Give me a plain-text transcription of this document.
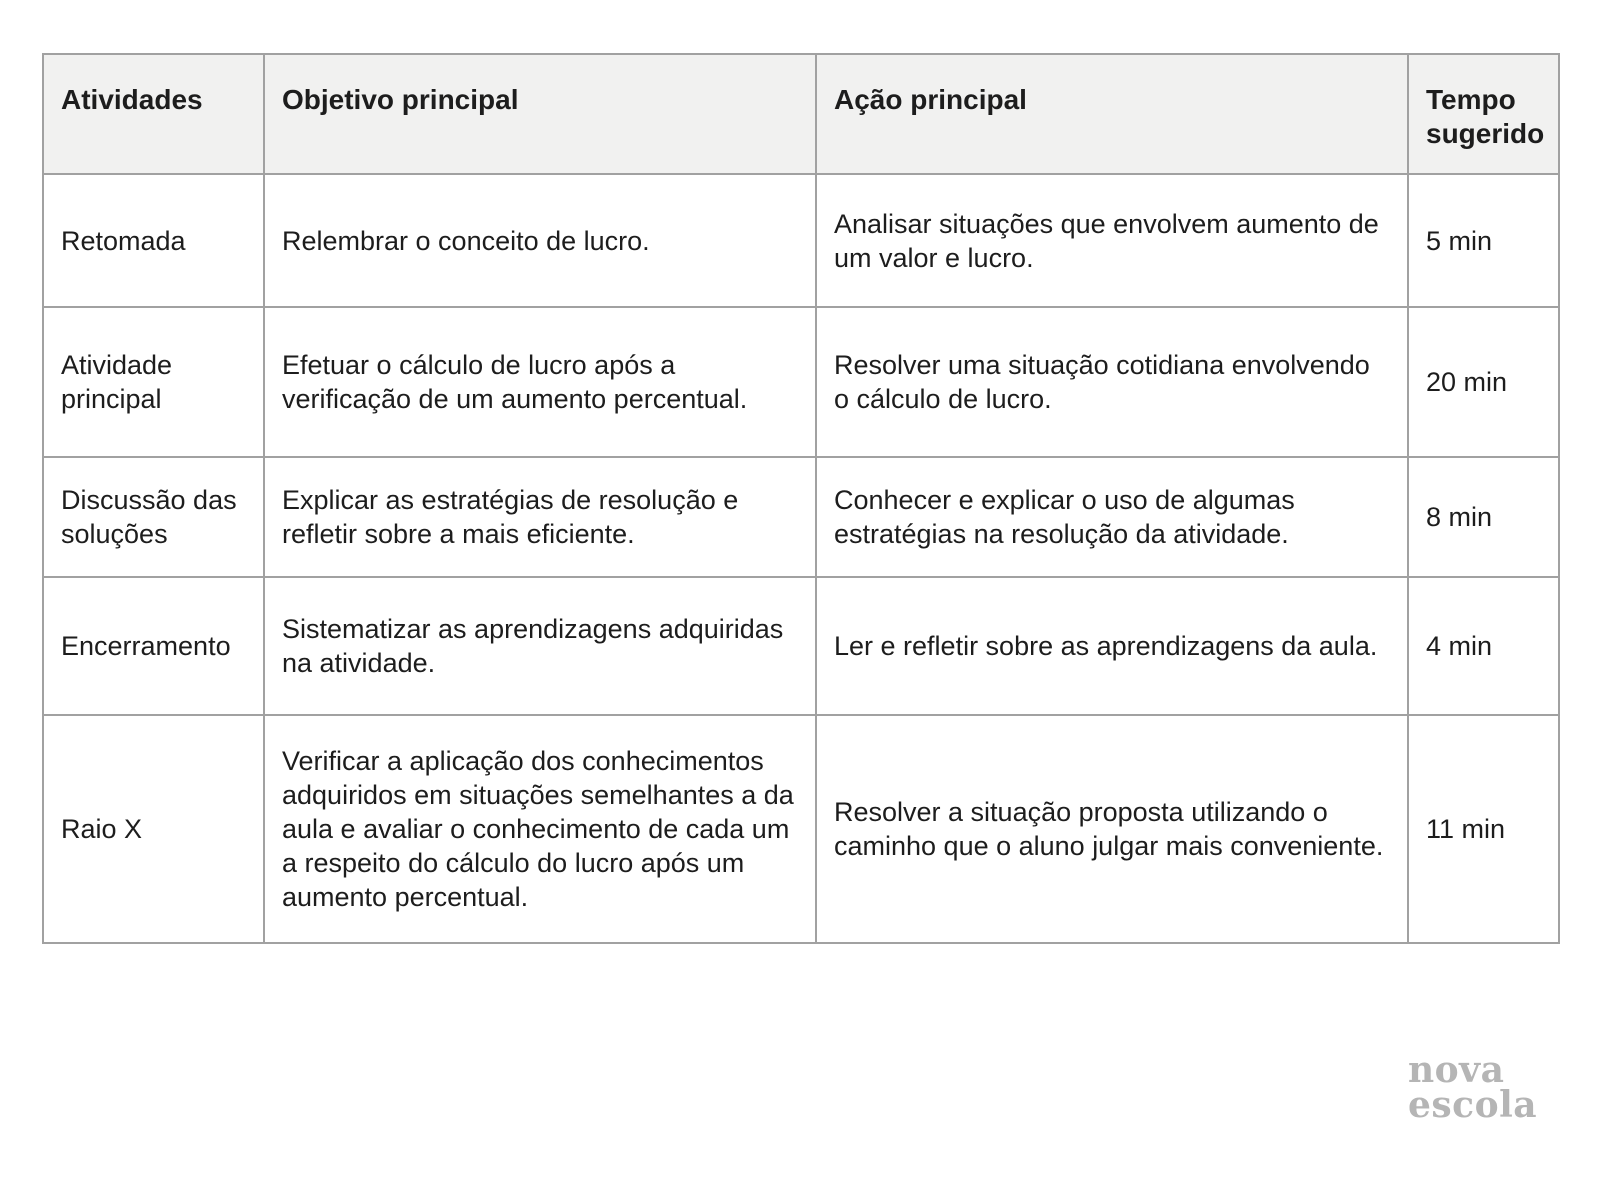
Atividades	Objetivo principal	Ação principal	Tempo sugerido
Retomada	Relembrar o conceito de lucro.	Analisar situações que envolvem aumento de um valor e lucro.	5 min
Atividade principal	Efetuar o cálculo de lucro após a verificação de um aumento percentual.	Resolver uma situação cotidiana envolvendo o cálculo de lucro.	20 min
Discussão das soluções	Explicar as estratégias de resolução e refletir sobre a mais eficiente.	Conhecer e explicar o uso de algumas estratégias na resolução da atividade.	8 min
Encerramento	Sistematizar as aprendizagens adquiridas na atividade.	Ler e refletir sobre as aprendizagens da aula.	4 min
Raio X	Verificar a aplicação dos conhecimentos adquiridos em situações semelhantes a da aula e avaliar o conhecimento de cada um a respeito do cálculo do lucro após um aumento percentual.	Resolver a situação proposta utilizando o caminho que o aluno julgar mais conveniente.	11 min
nova
escola
